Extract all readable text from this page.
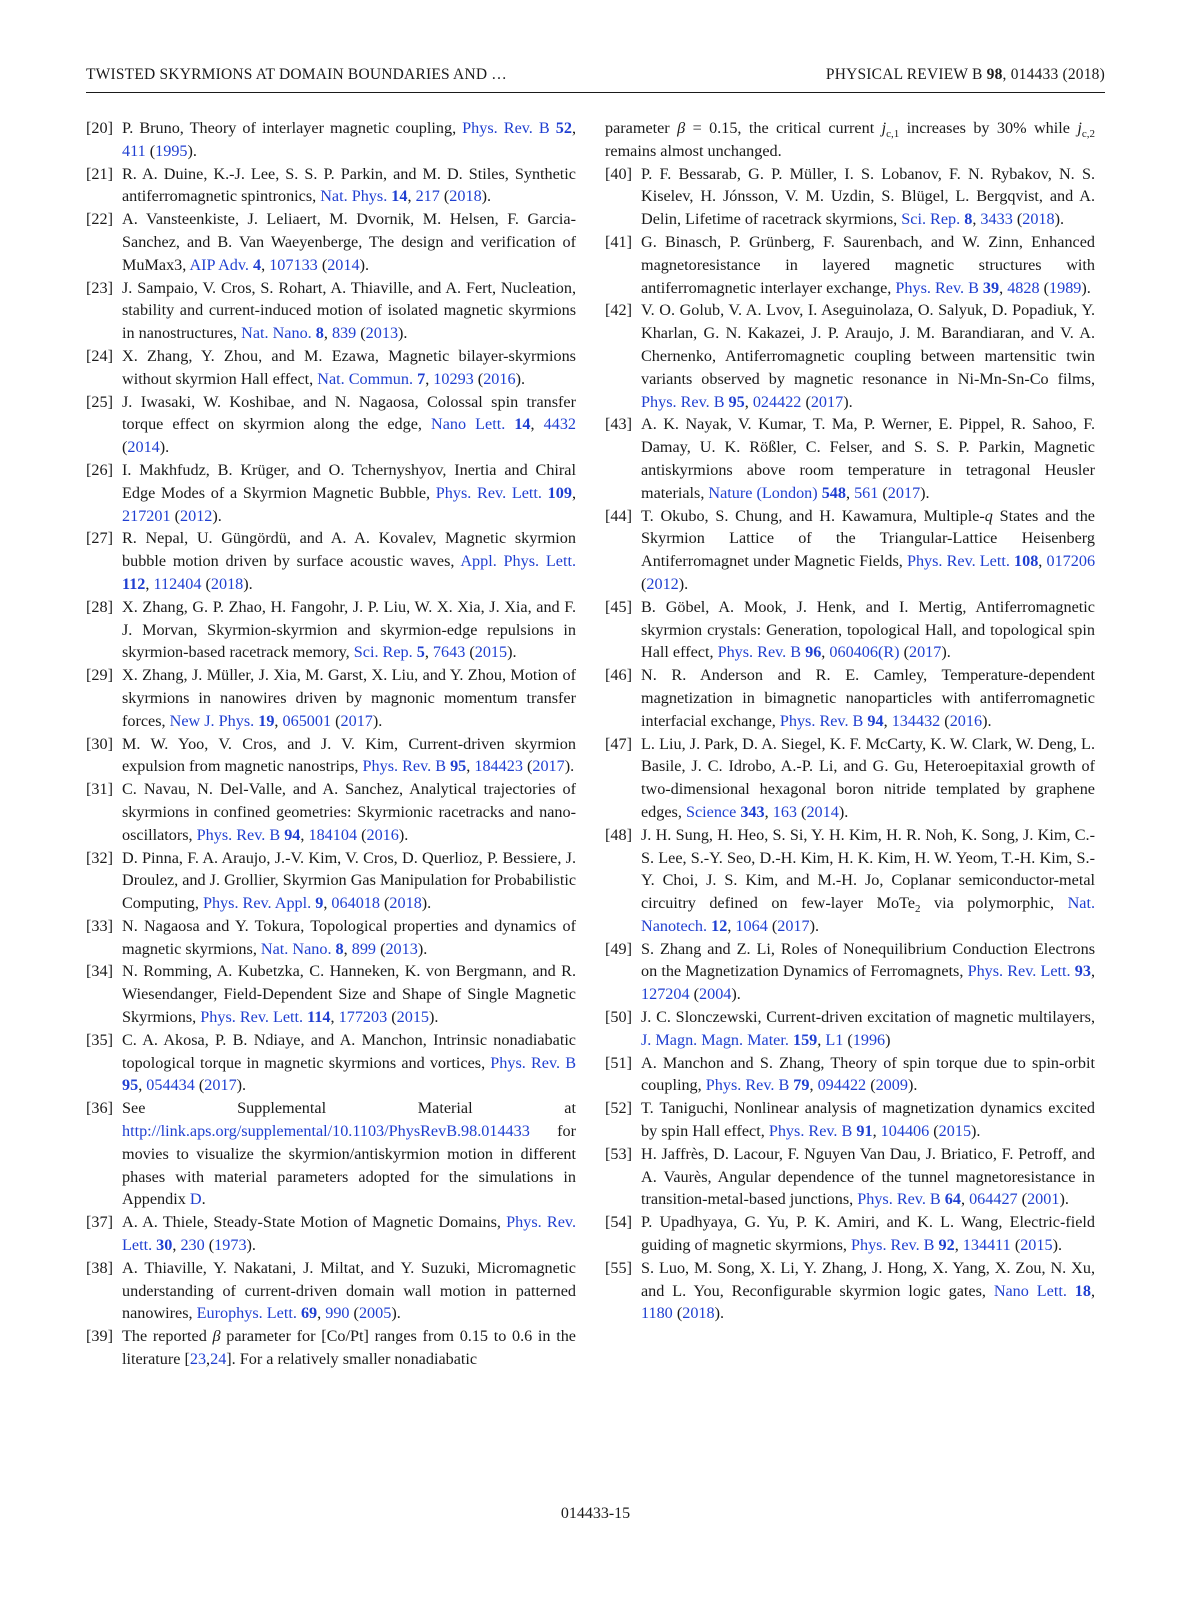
TWISTED SKYRMIONS AT DOMAIN BOUNDARIES AND …	PHYSICAL REVIEW B 98, 014433 (2018)

[20] P. Bruno, Theory of interlayer magnetic coupling, Phys. Rev. B 52, 411 (1995).

[21] R. A. Duine, K.-J. Lee, S. S. P. Parkin, and M. D. Stiles, Synthetic antiferromagnetic spintronics, Nat. Phys. 14, 217 (2018).

[22] A. Vansteenkiste, J. Leliaert, M. Dvornik, M. Helsen, F. Garcia-Sanchez, and B. Van Waeyenberge, The design and verification of MuMax3, AIP Adv. 4, 107133 (2014).

[23] J. Sampaio, V. Cros, S. Rohart, A. Thiaville, and A. Fert, Nucleation, stability and current-induced motion of isolated magnetic skyrmions in nanostructures, Nat. Nano. 8, 839 (2013).

[24] X. Zhang, Y. Zhou, and M. Ezawa, Magnetic bilayer-skyrmions without skyrmion Hall effect, Nat. Commun. 7, 10293 (2016).

[25] J. Iwasaki, W. Koshibae, and N. Nagaosa, Colossal spin transfer torque effect on skyrmion along the edge, Nano Lett. 14, 4432 (2014).

[26] I. Makhfudz, B. Krüger, and O. Tchernyshyov, Inertia and Chiral Edge Modes of a Skyrmion Magnetic Bubble, Phys. Rev. Lett. 109, 217201 (2012).

[27] R. Nepal, U. Güngördü, and A. A. Kovalev, Magnetic skyrmion bubble motion driven by surface acoustic waves, Appl. Phys. Lett. 112, 112404 (2018).

[28] X. Zhang, G. P. Zhao, H. Fangohr, J. P. Liu, W. X. Xia, J. Xia, and F. J. Morvan, Skyrmion-skyrmion and skyrmion-edge repulsions in skyrmion-based racetrack memory, Sci. Rep. 5, 7643 (2015).

[29] X. Zhang, J. Müller, J. Xia, M. Garst, X. Liu, and Y. Zhou, Motion of skyrmions in nanowires driven by magnonic momentum transfer forces, New J. Phys. 19, 065001 (2017).

[30] M. W. Yoo, V. Cros, and J. V. Kim, Current-driven skyrmion expulsion from magnetic nanostrips, Phys. Rev. B 95, 184423 (2017).

[31] C. Navau, N. Del-Valle, and A. Sanchez, Analytical trajectories of skyrmions in confined geometries: Skyrmionic racetracks and nano-oscillators, Phys. Rev. B 94, 184104 (2016).

[32] D. Pinna, F. A. Araujo, J.-V. Kim, V. Cros, D. Querlioz, P. Bessiere, J. Droulez, and J. Grollier, Skyrmion Gas Manipulation for Probabilistic Computing, Phys. Rev. Appl. 9, 064018 (2018).

[33] N. Nagaosa and Y. Tokura, Topological properties and dynamics of magnetic skyrmions, Nat. Nano. 8, 899 (2013).

[34] N. Romming, A. Kubetzka, C. Hanneken, K. von Bergmann, and R. Wiesendanger, Field-Dependent Size and Shape of Single Magnetic Skyrmions, Phys. Rev. Lett. 114, 177203 (2015).

[35] C. A. Akosa, P. B. Ndiaye, and A. Manchon, Intrinsic nonadiabatic topological torque in magnetic skyrmions and vortices, Phys. Rev. B 95, 054434 (2017).

[36] See Supplemental Material at http://link.aps.org/supplemental/10.1103/PhysRevB.98.014433 for movies to visualize the skyrmion/antiskyrmion motion in different phases with material parameters adopted for the simulations in Appendix D.

[37] A. A. Thiele, Steady-State Motion of Magnetic Domains, Phys. Rev. Lett. 30, 230 (1973).

[38] A. Thiaville, Y. Nakatani, J. Miltat, and Y. Suzuki, Micromagnetic understanding of current-driven domain wall motion in patterned nanowires, Europhys. Lett. 69, 990 (2005).

[39] The reported β parameter for [Co/Pt] ranges from 0.15 to 0.6 in the literature [23,24]. For a relatively smaller nonadiabatic

parameter β = 0.15, the critical current $j_{c,1}$ increases by 30% while $j_{c,2}$ remains almost unchanged.

[40] P. F. Bessarab, G. P. Müller, I. S. Lobanov, F. N. Rybakov, N. S. Kiselev, H. Jónsson, V. M. Uzdin, S. Blügel, L. Bergqvist, and A. Delin, Lifetime of racetrack skyrmions, Sci. Rep. 8, 3433 (2018).

[41] G. Binasch, P. Grünberg, F. Saurenbach, and W. Zinn, Enhanced magnetoresistance in layered magnetic structures with antiferromagnetic interlayer exchange, Phys. Rev. B 39, 4828 (1989).

[42] V. O. Golub, V. A. Lvov, I. Aseguinolaza, O. Salyuk, D. Popadiuk, Y. Kharlan, G. N. Kakazei, J. P. Araujo, J. M. Barandiaran, and V. A. Chernenko, Antiferromagnetic coupling between martensitic twin variants observed by magnetic resonance in Ni-Mn-Sn-Co films, Phys. Rev. B 95, 024422 (2017).

[43] A. K. Nayak, V. Kumar, T. Ma, P. Werner, E. Pippel, R. Sahoo, F. Damay, U. K. Rößler, C. Felser, and S. S. P. Parkin, Magnetic antiskyrmions above room temperature in tetragonal Heusler materials, Nature (London) 548, 561 (2017).

[44] T. Okubo, S. Chung, and H. Kawamura, Multiple-q States and the Skyrmion Lattice of the Triangular-Lattice Heisenberg Antiferromagnet under Magnetic Fields, Phys. Rev. Lett. 108, 017206 (2012).

[45] B. Göbel, A. Mook, J. Henk, and I. Mertig, Antiferromagnetic skyrmion crystals: Generation, topological Hall, and topological spin Hall effect, Phys. Rev. B 96, 060406(R) (2017).

[46] N. R. Anderson and R. E. Camley, Temperature-dependent magnetization in bimagnetic nanoparticles with antiferromagnetic interfacial exchange, Phys. Rev. B 94, 134432 (2016).

[47] L. Liu, J. Park, D. A. Siegel, K. F. McCarty, K. W. Clark, W. Deng, L. Basile, J. C. Idrobo, A.-P. Li, and G. Gu, Heteroepitaxial growth of two-dimensional hexagonal boron nitride templated by graphene edges, Science 343, 163 (2014).

[48] J. H. Sung, H. Heo, S. Si, Y. H. Kim, H. R. Noh, K. Song, J. Kim, C.-S. Lee, S.-Y. Seo, D.-H. Kim, H. K. Kim, H. W. Yeom, T.-H. Kim, S.-Y. Choi, J. S. Kim, and M.-H. Jo, Coplanar semiconductor-metal circuitry defined on few-layer MoTe$_2$ via polymorphic, Nat. Nanotech. 12, 1064 (2017).

[49] S. Zhang and Z. Li, Roles of Nonequilibrium Conduction Electrons on the Magnetization Dynamics of Ferromagnets, Phys. Rev. Lett. 93, 127204 (2004).

[50] J. C. Slonczewski, Current-driven excitation of magnetic multilayers, J. Magn. Magn. Mater. 159, L1 (1996)

[51] A. Manchon and S. Zhang, Theory of spin torque due to spin-orbit coupling, Phys. Rev. B 79, 094422 (2009).

[52] T. Taniguchi, Nonlinear analysis of magnetization dynamics excited by spin Hall effect, Phys. Rev. B 91, 104406 (2015).

[53] H. Jaffrès, D. Lacour, F. Nguyen Van Dau, J. Briatico, F. Petroff, and A. Vaurès, Angular dependence of the tunnel magnetoresistance in transition-metal-based junctions, Phys. Rev. B 64, 064427 (2001).

[54] P. Upadhyaya, G. Yu, P. K. Amiri, and K. L. Wang, Electric-field guiding of magnetic skyrmions, Phys. Rev. B 92, 134411 (2015).

[55] S. Luo, M. Song, X. Li, Y. Zhang, J. Hong, X. Yang, X. Zou, N. Xu, and L. You, Reconfigurable skyrmion logic gates, Nano Lett. 18, 1180 (2018).

014433-15
